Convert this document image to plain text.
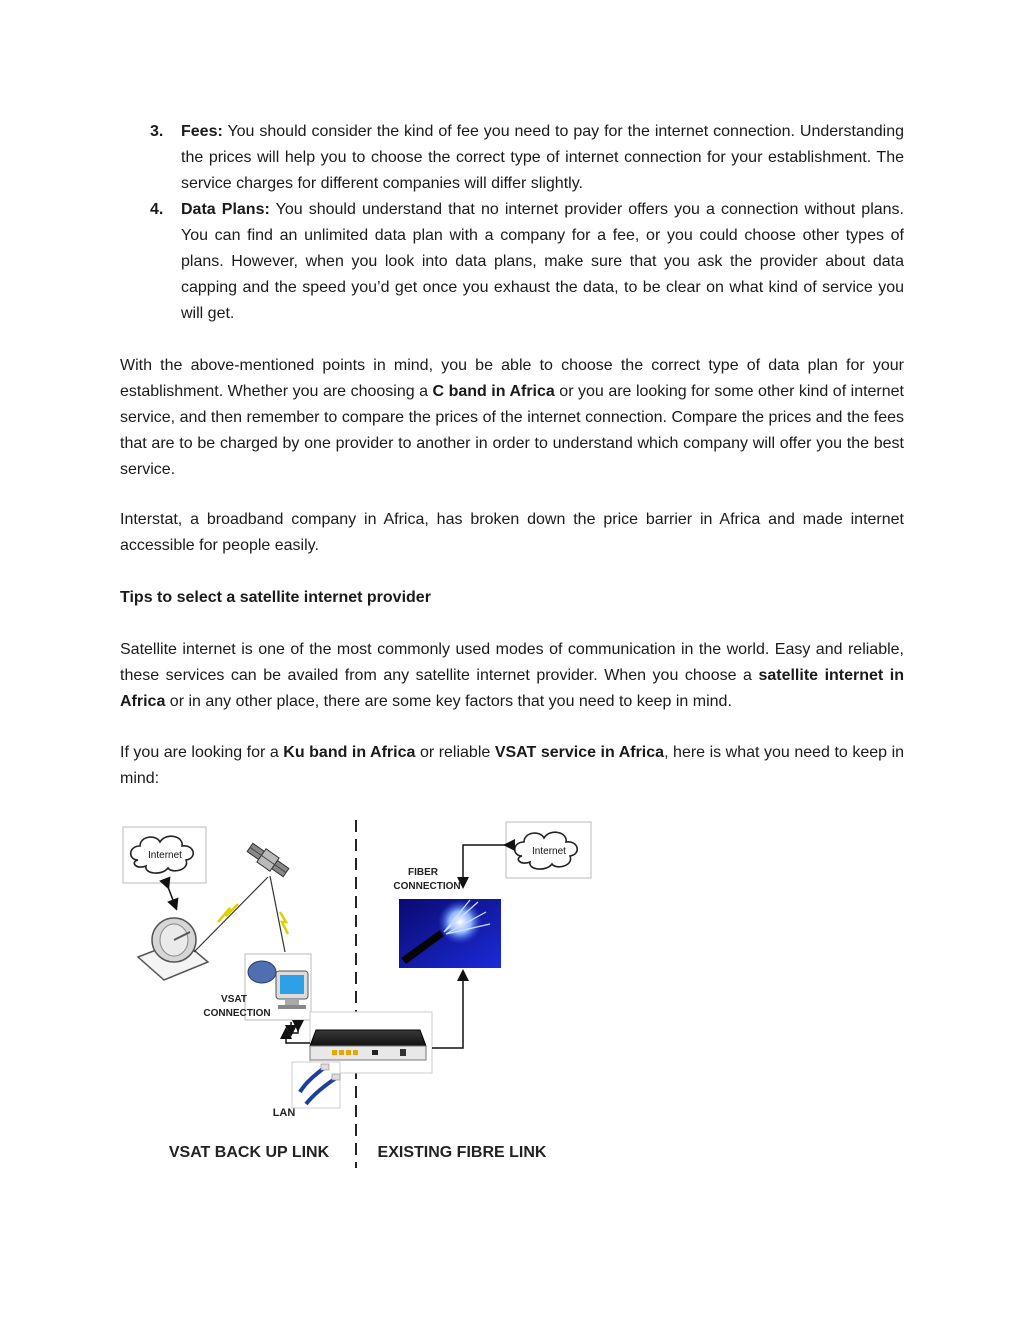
3. Fees: You should consider the kind of fee you need to pay for the internet connection. Understanding the prices will help you to choose the correct type of internet connection for your establishment. The service charges for different companies will differ slightly.
4. Data Plans: You should understand that no internet provider offers you a connection without plans. You can find an unlimited data plan with a company for a fee, or you could choose other types of plans. However, when you look into data plans, make sure that you ask the provider about data capping and the speed you’d get once you exhaust the data, to be clear on what kind of service you will get.

With the above-mentioned points in mind, you be able to choose the correct type of data plan for your establishment. Whether you are choosing a C band in Africa or you are looking for some other kind of internet service, and then remember to compare the prices of the internet connection. Compare the prices and the fees that are to be charged by one provider to another in order to understand which company will offer you the best service.

Interstat, a broadband company in Africa, has broken down the price barrier in Africa and made internet accessible for people easily.

Tips to select a satellite internet provider

Satellite internet is one of the most commonly used modes of communication in the world. Easy and reliable, these services can be availed from any satellite internet provider. When you choose a satellite internet in Africa or in any other place, there are some key factors that you need to keep in mind.

If you are looking for a Ku band in Africa or reliable VSAT service in Africa, here is what you need to keep in mind:

Internet
VSAT
CONNECTION
LAN
Internet
FIBER
CONNECTION
VSAT BACK UP LINK	EXISTING FIBRE LINK
